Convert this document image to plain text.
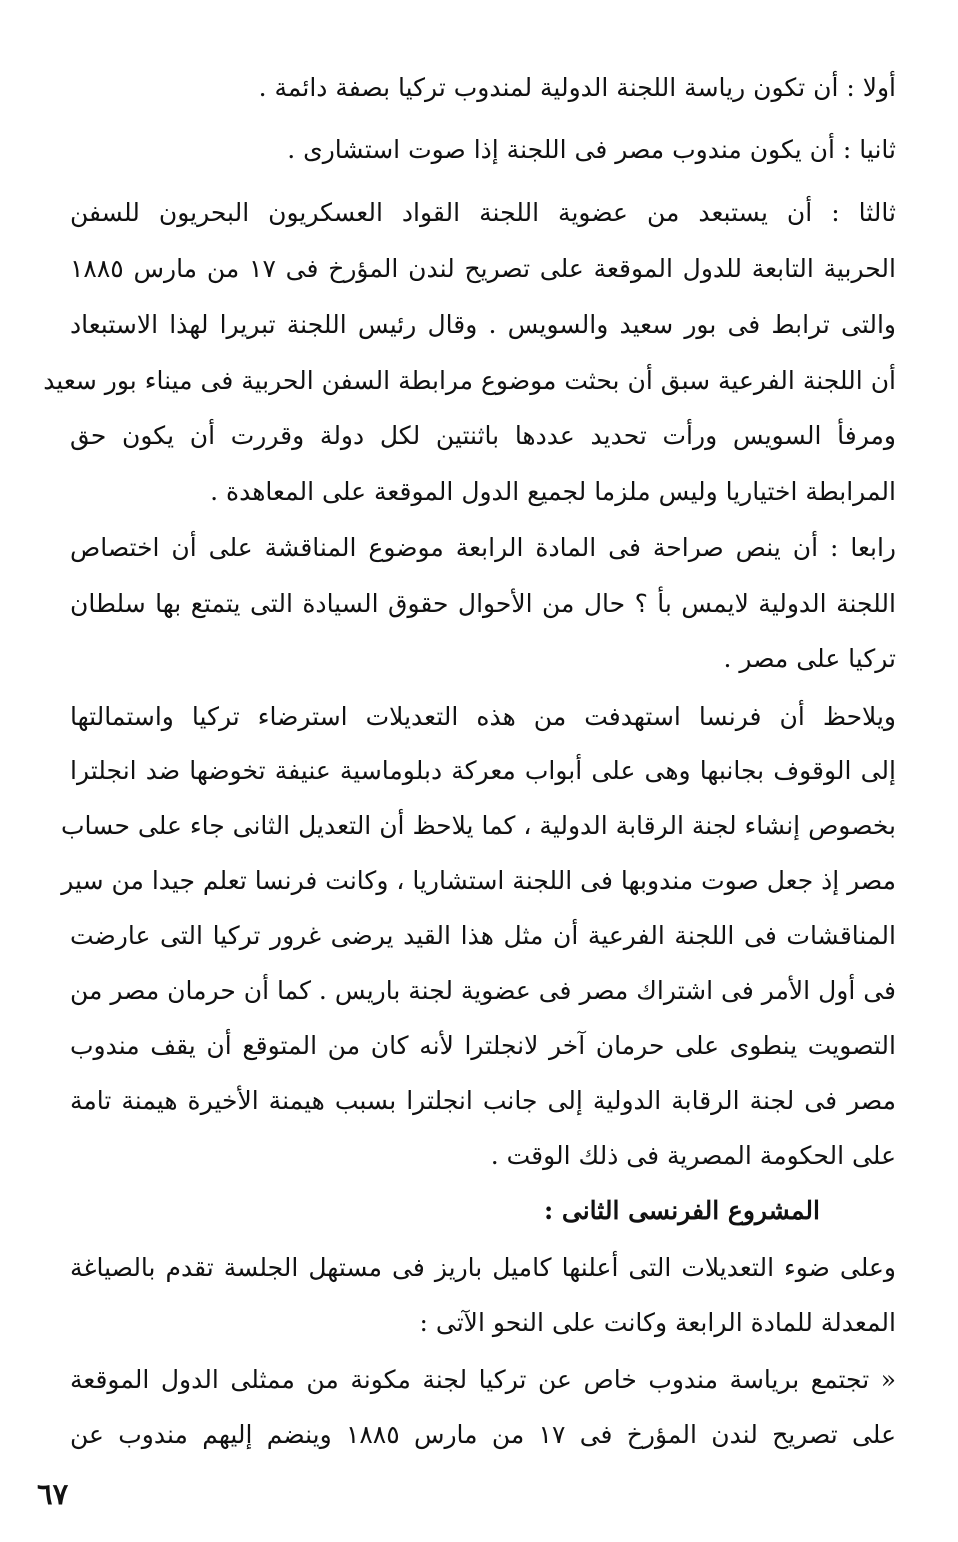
أولا : أن تكون رياسة اللجنة الدولية لمندوب تركيا بصفة دائمة .
ثانيا : أن يكون مندوب مصر فى اللجنة إذا صوت استشارى .
ثالثا : أن يستبعد من عضوية اللجنة القواد العسكريون البحريون للسفن
الحربية التابعة للدول الموقعة على تصريح لندن المؤرخ فى ١٧ من مارس ١٨٨٥
والتى ترابط فى بور سعيد والسويس . وقال رئيس اللجنة تبريرا لهذا الاستبعاد
أن اللجنة الفرعية سبق أن بحثت موضوع مرابطة السفن الحربية فى ميناء بور سعيد
ومرفأ السويس ورأت تحديد عددها باثنتين لكل دولة وقررت أن يكون حق
المرابطة اختياريا وليس ملزما لجميع الدول الموقعة على المعاهدة .
رابعا : أن ينص صراحة فى المادة الرابعة موضوع المناقشة على أن اختصاص
اللجنة الدولية لايمس بأ ؟ حال من الأحوال حقوق السيادة التى يتمتع بها سلطان
تركيا على مصر .
ويلاحظ أن فرنسا استهدفت من هذه التعديلات استرضاء تركيا واستمالتها
إلى الوقوف بجانبها وهى على أبواب معركة دبلوماسية عنيفة تخوضها ضد انجلترا
بخصوص إنشاء لجنة الرقابة الدولية ، كما يلاحظ أن التعديل الثانى جاء على حساب
مصر إذ جعل صوت مندوبها فى اللجنة استشاريا ، وكانت فرنسا تعلم جيدا من سير
المناقشات فى اللجنة الفرعية أن مثل هذا القيد يرضى غرور تركيا التى عارضت
فى أول الأمر فى اشتراك مصر فى عضوية لجنة باريس . كما أن حرمان مصر من
التصويت ينطوى على حرمان آخر لانجلترا لأنه كان من المتوقع أن يقف مندوب
مصر فى لجنة الرقابة الدولية إلى جانب انجلترا بسبب هيمنة الأخيرة هيمنة تامة
على الحكومة المصرية فى ذلك الوقت .
المشروع الفرنسى الثانى :
وعلى ضوء التعديلات التى أعلنها كاميل باريز فى مستهل الجلسة تقدم بالصياغة
المعدلة للمادة الرابعة وكانت على النحو الآتى :
« تجتمع برياسة مندوب خاص عن تركيا لجنة مكونة من ممثلى الدول الموقعة
على تصريح لندن المؤرخ فى ١٧ من مارس ١٨٨٥ وينضم إليهم مندوب عن
٦٧
